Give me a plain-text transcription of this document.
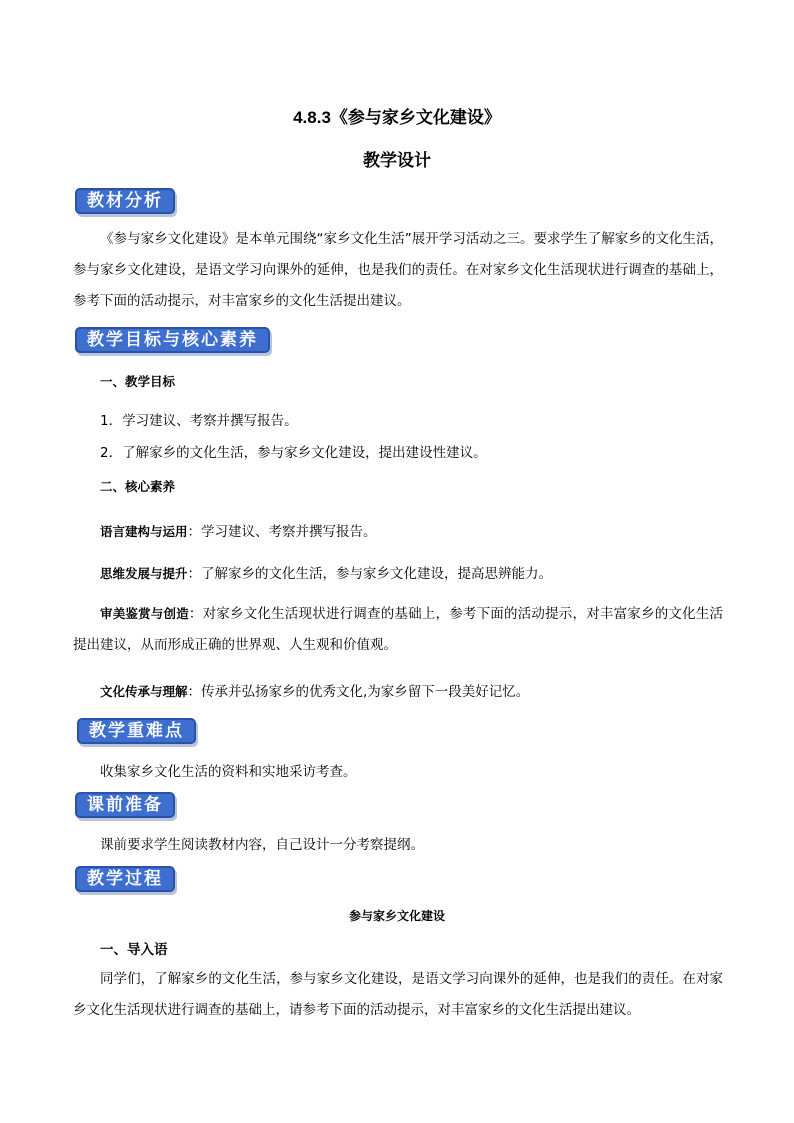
4.8.3《参与家乡文化建设》
教学设计
教材分析

《参与家乡文化建设》是本单元围绕“家乡文化生活”展开学习活动之三。要求学生了解家乡的文化生活，参与家乡文化建设，是语文学习向课外的延伸，也是我们的责任。在对家乡文化生活现状进行调查的基础上，参考下面的活动提示，对丰富家乡的文化生活提出建议。

教学目标与核心素养
一、教学目标
1．学习建议、考察并撰写报告。
2．了解家乡的文化生活，参与家乡文化建设，提出建设性建议。
二、核心素养
语言建构与运用：学习建议、考察并撰写报告。
思维发展与提升：了解家乡的文化生活，参与家乡文化建设，提高思辨能力。
审美鉴赏与创造：对家乡文化生活现状进行调查的基础上，参考下面的活动提示，对丰富家乡的文化生活提出建议，从而形成正确的世界观、人生观和价值观。
文化传承与理解：传承并弘扬家乡的优秀文化,为家乡留下一段美好记忆。
教学重难点
收集家乡文化生活的资料和实地采访考查。
课前准备
课前要求学生阅读教材内容，自己设计一分考察提纲。
教学过程
参与家乡文化建设
一、导入语

同学们，了解家乡的文化生活，参与家乡文化建设，是语文学习向课外的延伸，也是我们的责任。在对家乡文化生活现状进行调查的基础上，请参考下面的活动提示，对丰富家乡的文化生活提出建议。
